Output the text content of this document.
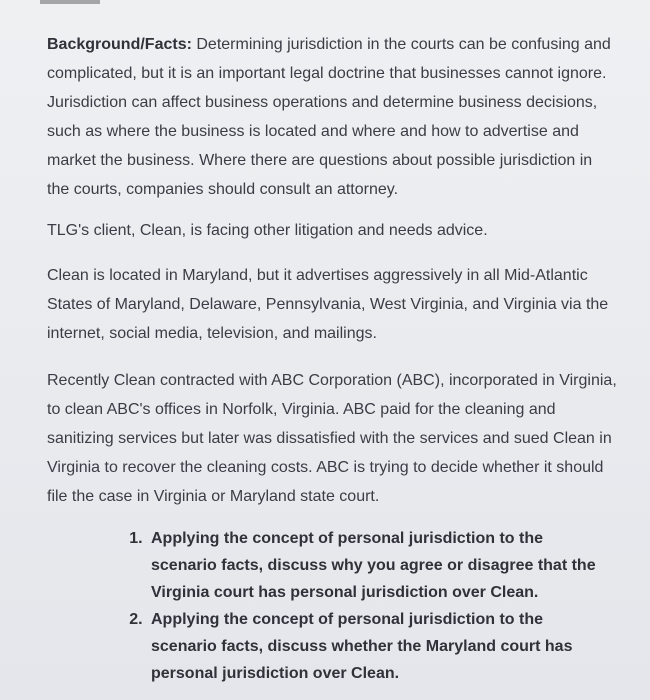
Background/Facts: Determining jurisdiction in the courts can be confusing and complicated, but it is an important legal doctrine that businesses cannot ignore. Jurisdiction can affect business operations and determine business decisions, such as where the business is located and where and how to advertise and market the business. Where there are questions about possible jurisdiction in the courts, companies should consult an attorney.

TLG's client, Clean, is facing other litigation and needs advice.

Clean is located in Maryland, but it advertises aggressively in all Mid-Atlantic States of Maryland, Delaware, Pennsylvania, West Virginia, and Virginia via the internet, social media, television, and mailings.

Recently Clean contracted with ABC Corporation (ABC), incorporated in Virginia, to clean ABC's offices in Norfolk, Virginia. ABC paid for the cleaning and sanitizing services but later was dissatisfied with the services and sued Clean in Virginia to recover the cleaning costs. ABC is trying to decide whether it should file the case in Virginia or Maryland state court.

1. Applying the concept of personal jurisdiction to the scenario facts, discuss why you agree or disagree that the Virginia court has personal jurisdiction over Clean.
2. Applying the concept of personal jurisdiction to the scenario facts, discuss whether the Maryland court has personal jurisdiction over Clean.
